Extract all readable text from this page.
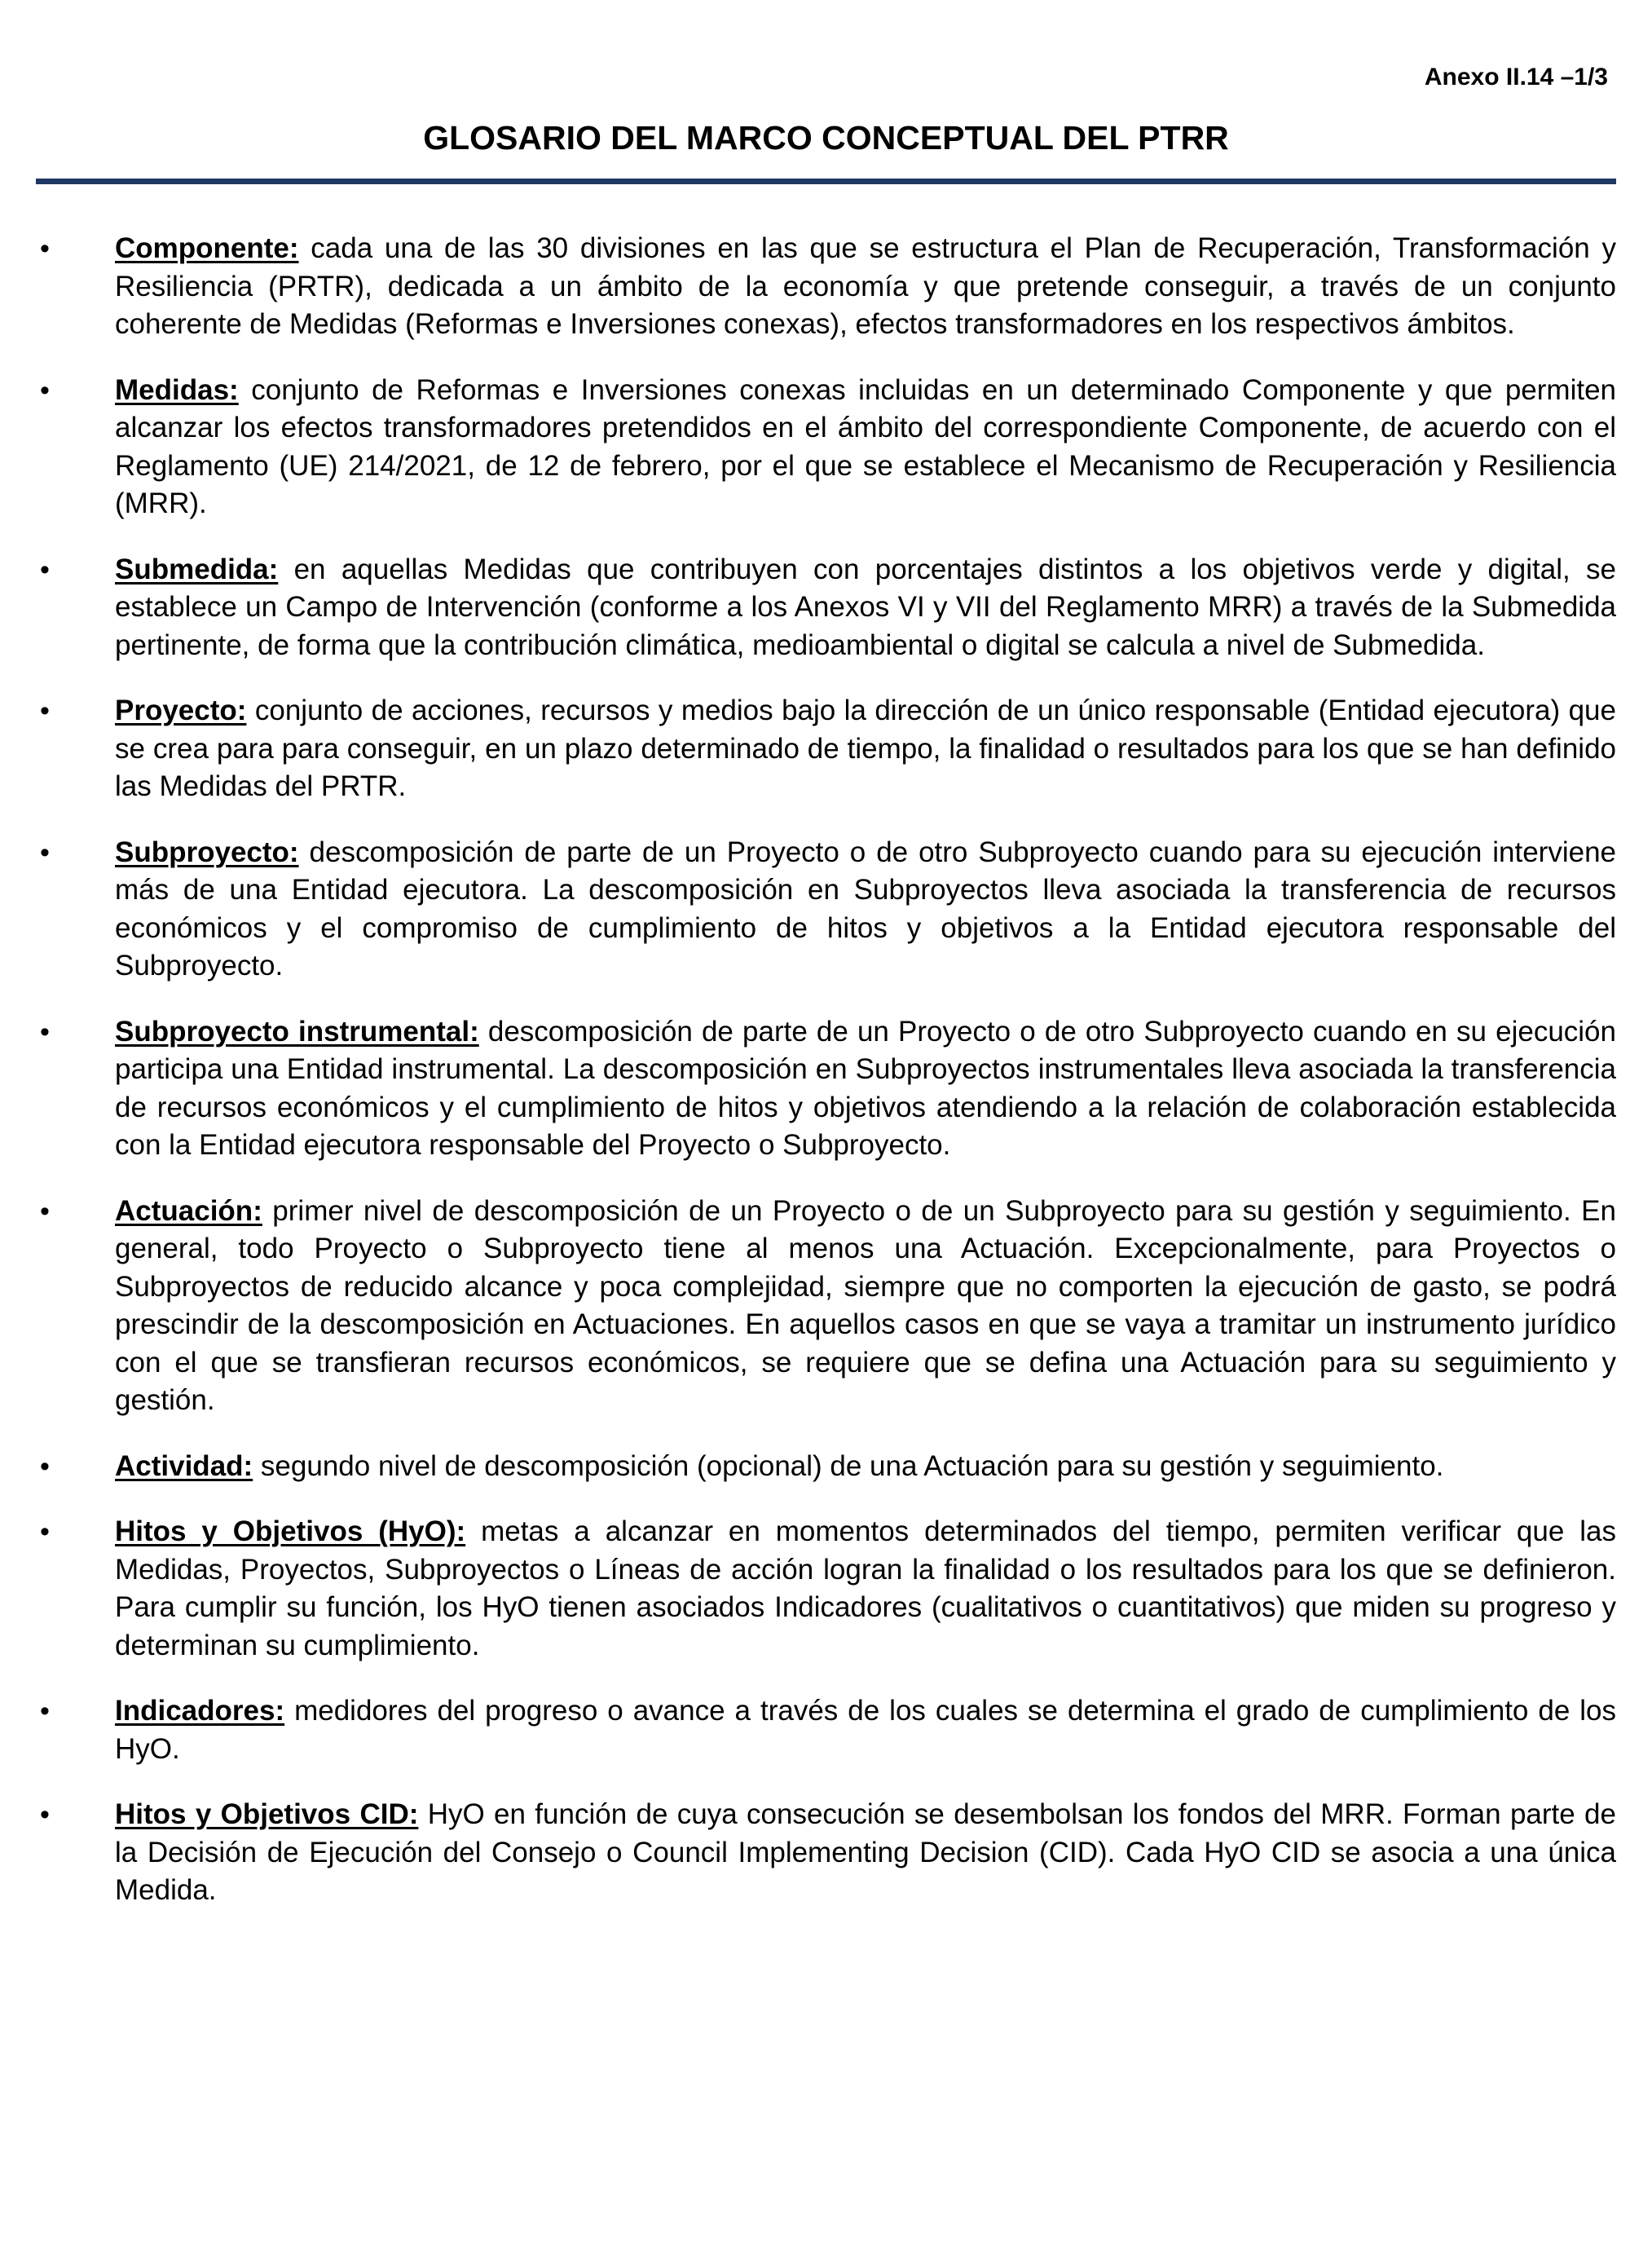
Anexo II.14 –1/3
GLOSARIO DEL MARCO CONCEPTUAL DEL PTRR
• Componente: cada una de las 30 divisiones en las que se estructura el Plan de Recuperación, Transformación y Resiliencia (PRTR), dedicada a un ámbito de la economía y que pretende conseguir, a través de un conjunto coherente de Medidas (Reformas e Inversiones conexas), efectos transformadores en los respectivos ámbitos.

• Medidas: conjunto de Reformas e Inversiones conexas incluidas en un determinado Componente y que permiten alcanzar los efectos transformadores pretendidos en el ámbito del correspondiente Componente, de acuerdo con el Reglamento (UE) 214/2021, de 12 de febrero, por el que se establece el Mecanismo de Recuperación y Resiliencia (MRR).

• Submedida: en aquellas Medidas que contribuyen con porcentajes distintos a los objetivos verde y digital, se establece un Campo de Intervención (conforme a los Anexos VI y VII del Reglamento MRR) a través de la Submedida pertinente, de forma que la contribución climática, medioambiental o digital se calcula a nivel de Submedida.

• Proyecto: conjunto de acciones, recursos y medios bajo la dirección de un único responsable (Entidad ejecutora) que se crea para para conseguir, en un plazo determinado de tiempo, la finalidad o resultados para los que se han definido las Medidas del PRTR.

• Subproyecto: descomposición de parte de un Proyecto o de otro Subproyecto cuando para su ejecución interviene más de una Entidad ejecutora. La descomposición en Subproyectos lleva asociada la transferencia de recursos económicos y el compromiso de cumplimiento de hitos y objetivos a la Entidad ejecutora responsable del Subproyecto.

• Subproyecto instrumental: descomposición de parte de un Proyecto o de otro Subproyecto cuando en su ejecución participa una Entidad instrumental. La descomposición en Subproyectos instrumentales lleva asociada la transferencia de recursos económicos y el cumplimiento de hitos y objetivos atendiendo a la relación de colaboración establecida con la Entidad ejecutora responsable del Proyecto o Subproyecto.

• Actuación: primer nivel de descomposición de un Proyecto o de un Subproyecto para su gestión y seguimiento. En general, todo Proyecto o Subproyecto tiene al menos una Actuación. Excepcionalmente, para Proyectos o Subproyectos de reducido alcance y poca complejidad, siempre que no comporten la ejecución de gasto, se podrá prescindir de la descomposición en Actuaciones. En aquellos casos en que se vaya a tramitar un instrumento jurídico con el que se transfieran recursos económicos, se requiere que se defina una Actuación para su seguimiento y gestión.

• Actividad: segundo nivel de descomposición (opcional) de una Actuación para su gestión y seguimiento.

• Hitos y Objetivos (HyO): metas a alcanzar en momentos determinados del tiempo, permiten verificar que las Medidas, Proyectos, Subproyectos o Líneas de acción logran la finalidad o los resultados para los que se definieron. Para cumplir su función, los HyO tienen asociados Indicadores (cualitativos o cuantitativos) que miden su progreso y determinan su cumplimiento.

• Indicadores: medidores del progreso o avance a través de los cuales se determina el grado de cumplimiento de los HyO.

• Hitos y Objetivos CID: HyO en función de cuya consecución se desembolsan los fondos del MRR. Forman parte de la Decisión de Ejecución del Consejo o Council Implementing Decision (CID). Cada HyO CID se asocia a una única Medida.
